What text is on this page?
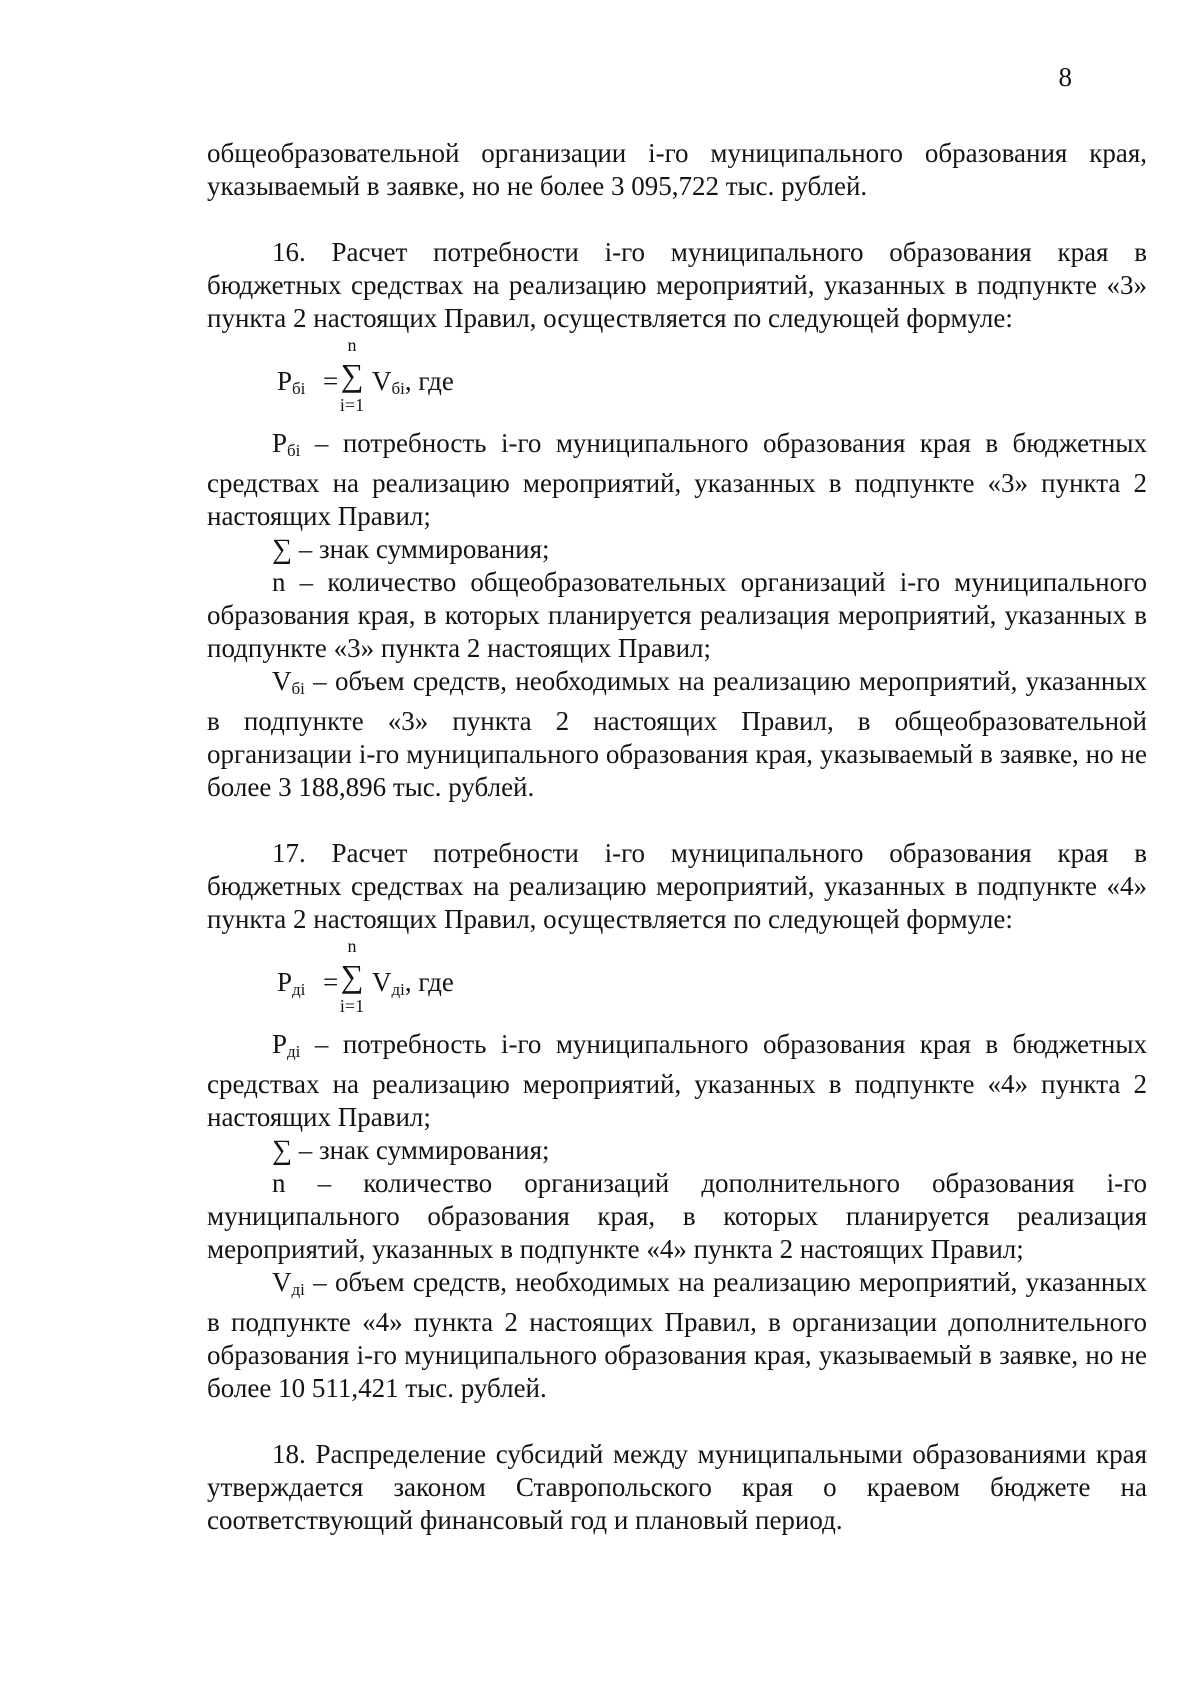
8

общеобразовательной организации i-го муниципального образования края, указываемый в заявке, но не более 3 095,722 тыс. рублей.

16. Расчет потребности i-го муниципального образования края в бюджетных средствах на реализацию мероприятий, указанных в подпункте «3» пункта 2 настоящих Правил, осуществляется по следующей формуле:

$P_{бi}$ =
n
∑
i=1
$V_{бi}$, где

$P_{бi}$ – потребность i-го муниципального образования края в бюджетных средствах на реализацию мероприятий, указанных в подпункте «3» пункта 2 настоящих Правил;

∑ – знак суммирования;

n – количество общеобразовательных организаций i-го муниципального образования края, в которых планируется реализация мероприятий, указанных в подпункте «3» пункта 2 настоящих Правил;

$V_{бi}$ – объем средств, необходимых на реализацию мероприятий, указанных в подпункте «3» пункта 2 настоящих Правил, в общеобразовательной организации i-го муниципального образования края, указываемый в заявке, но не более 3 188,896 тыс. рублей.

17. Расчет потребности i-го муниципального образования края в бюджетных средствах на реализацию мероприятий, указанных в подпункте «4» пункта 2 настоящих Правил, осуществляется по следующей формуле:

$P_{дi}$ =
n
∑
i=1
$V_{дi}$, где

$P_{дi}$ – потребность i-го муниципального образования края в бюджетных средствах на реализацию мероприятий, указанных в подпункте «4» пункта 2 настоящих Правил;

∑ – знак суммирования;

n – количество организаций дополнительного образования i-го муниципального образования края, в которых планируется реализация мероприятий, указанных в подпункте «4» пункта 2 настоящих Правил;

$V_{дi}$ – объем средств, необходимых на реализацию мероприятий, указанных в подпункте «4» пункта 2 настоящих Правил, в организации дополнительного образования i-го муниципального образования края, указываемый в заявке, но не более 10 511,421 тыс. рублей.

18. Распределение субсидий между муниципальными образованиями края утверждается законом Ставропольского края о краевом бюджете на соответствующий финансовый год и плановый период.
